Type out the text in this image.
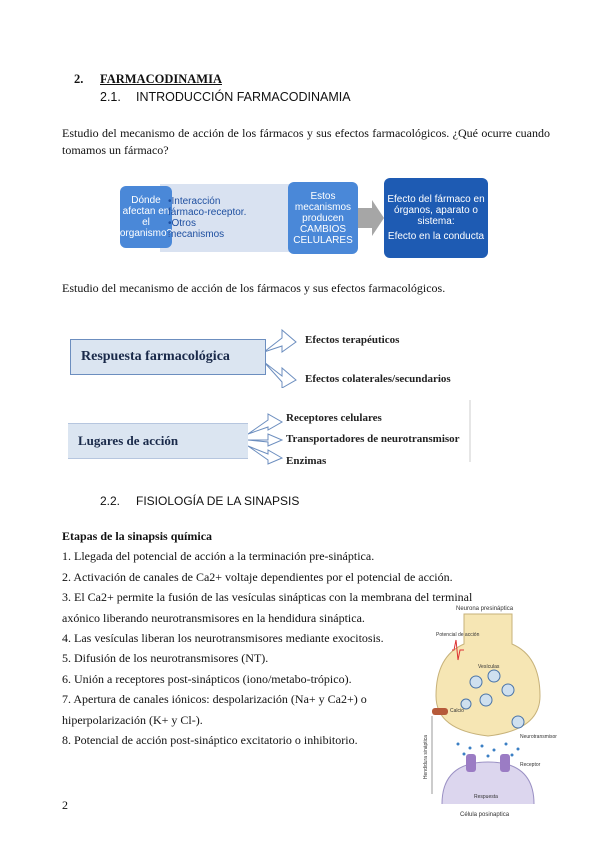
2. FARMACODINAMIA
2.1. INTRODUCCIÓN FARMACODINAMIA
Estudio del mecanismo de acción de los fármacos y sus efectos farmacológicos. ¿Qué ocurre cuando tomamos un fármaco?
Dónde afectan en el organismo?
Estos mecanismos producen CAMBIOS CELULARES
Efecto del fármaco en órganos, aparato o sistema:
Efecto en la conducta
•Interacción fármaco-receptor.
•Otros mecanismos
Estudio del mecanismo de acción de los fármacos y sus efectos farmacológicos.
Respuesta farmacológica
Efectos terapéuticos
Efectos colaterales/secundarios
Lugares de acción
Receptores celulares
Transportadores de neurotransmisor
Enzimas
2.2. FISIOLOGÍA DE LA SINAPSIS
Etapas de la sinapsis química
1. Llegada del potencial de acción a la terminación pre-sináptica.
2. Activación de canales de Ca2+ voltaje dependientes por el potencial de acción.
3. El Ca2+ permite la fusión de las vesículas sinápticas con la membrana del terminal
axónico liberando neurotransmisores en la hendidura sináptica.
4. Las vesículas liberan los neurotransmisores mediante exocitosis.
5. Difusión de los neurotransmisores (NT).
6. Unión a receptores post-sinápticos (iono/metabo-trópico).
7. Apertura de canales iónicos: despolarización (Na+ y Ca2+) o
hiperpolarización (K+ y Cl-).
8. Potencial de acción post-sináptico excitatorio o inhibitorio.
Neurona presináptica
Potencial de acción
Vesículas
Calcio
Neurotransmisor
Hendidura sináptica	Receptor
Respuesta
Célula posinaptica
2
